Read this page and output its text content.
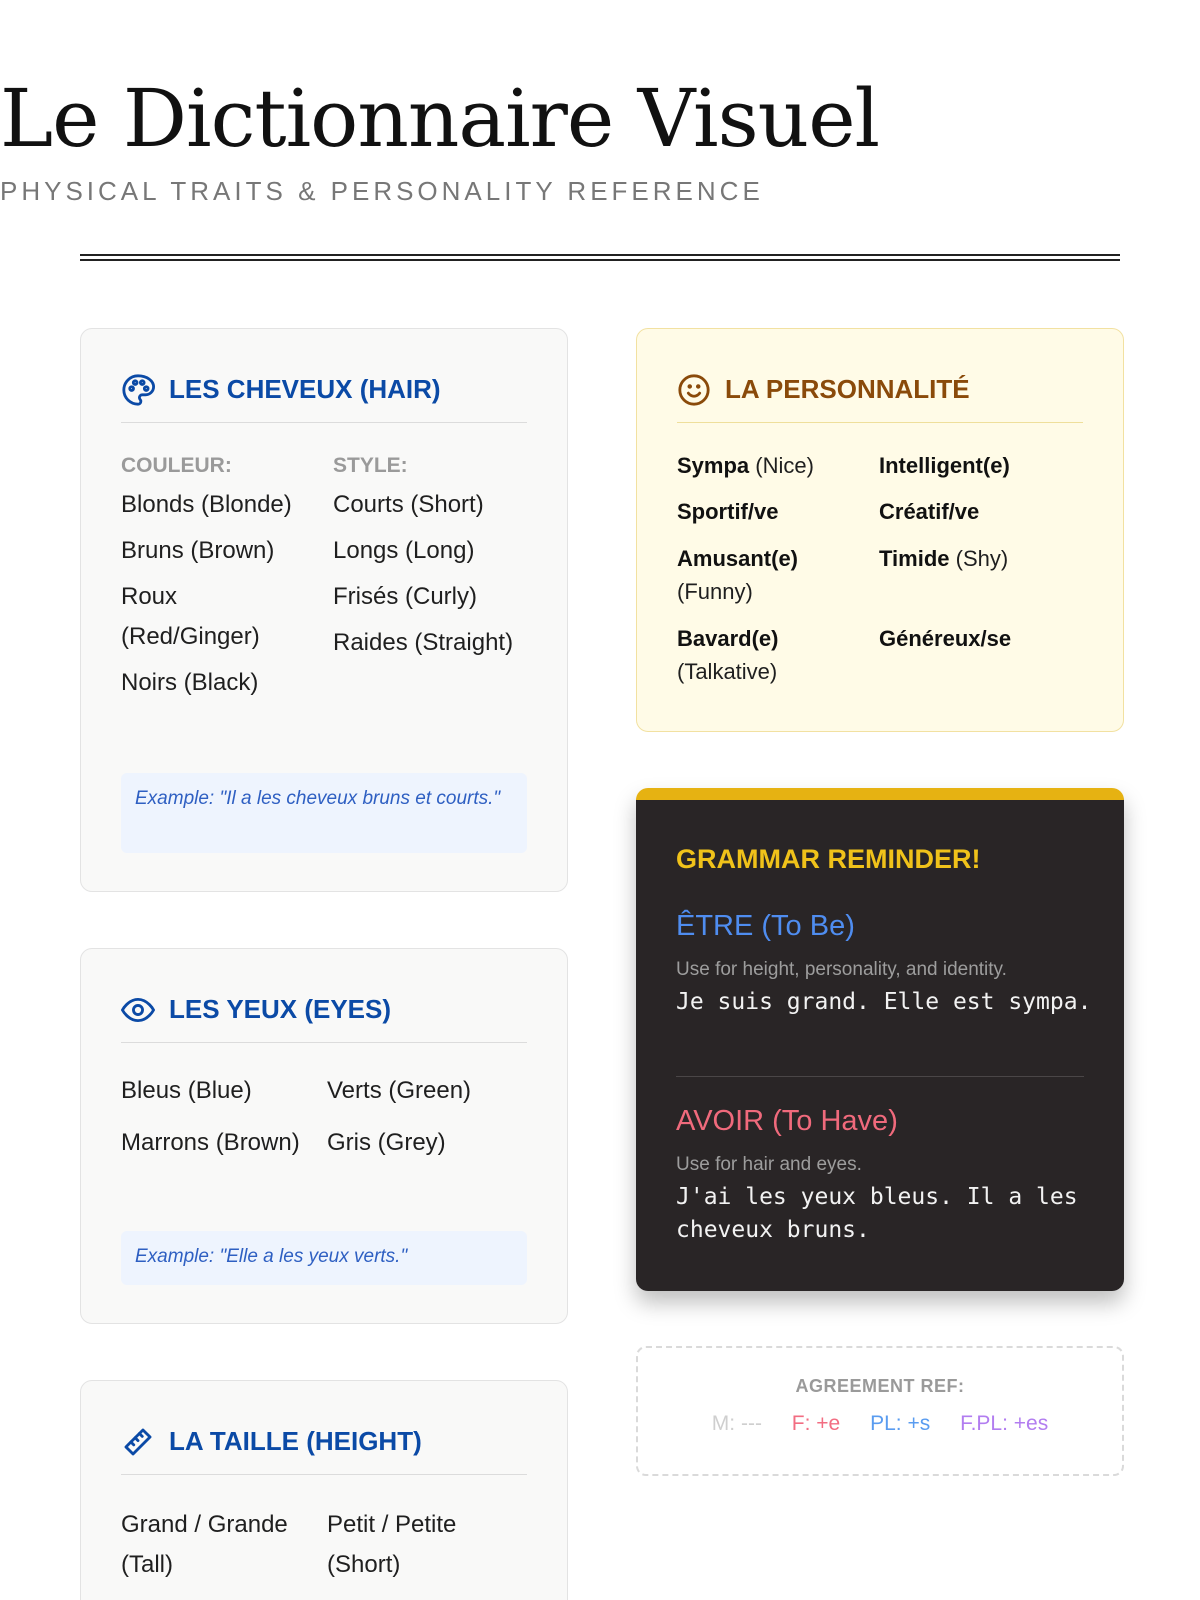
Le Dictionnaire Visuel
PHYSICAL TRAITS & PERSONALITY REFERENCE
LES CHEVEUX (HAIR)
COULEUR:
Blonds (Blonde)
Bruns (Brown)
Roux (Red/Ginger)
Noirs (Black)
STYLE:
Courts (Short)
Longs (Long)
Frisés (Curly)
Raides (Straight)
Example: "Il a les cheveux bruns et courts."
LES YEUX (EYES)
Bleus (Blue)
Marrons (Brown)
Verts (Green)
Gris (Grey)
Example: "Elle a les yeux verts."
LA TAILLE (HEIGHT)
Grand / Grande (Tall)
Petit / Petite (Short)
LA PERSONNALITÉ
Sympa (Nice)	Intelligent(e)
Sportif/ve	Créatif/ve
Amusant(e) (Funny)
Timide (Shy)
Bavard(e) (Talkative)
Généreux/se
GRAMMAR REMINDER!
ÊTRE (To Be)
Use for height, personality, and identity.
Je suis grand. Elle est sympa.
AVOIR (To Have)
Use for hair and eyes.
J'ai les yeux bleus. Il a les cheveux bruns.
AGREEMENT REF:
M: --- F: +e PL: +s F.PL: +es
